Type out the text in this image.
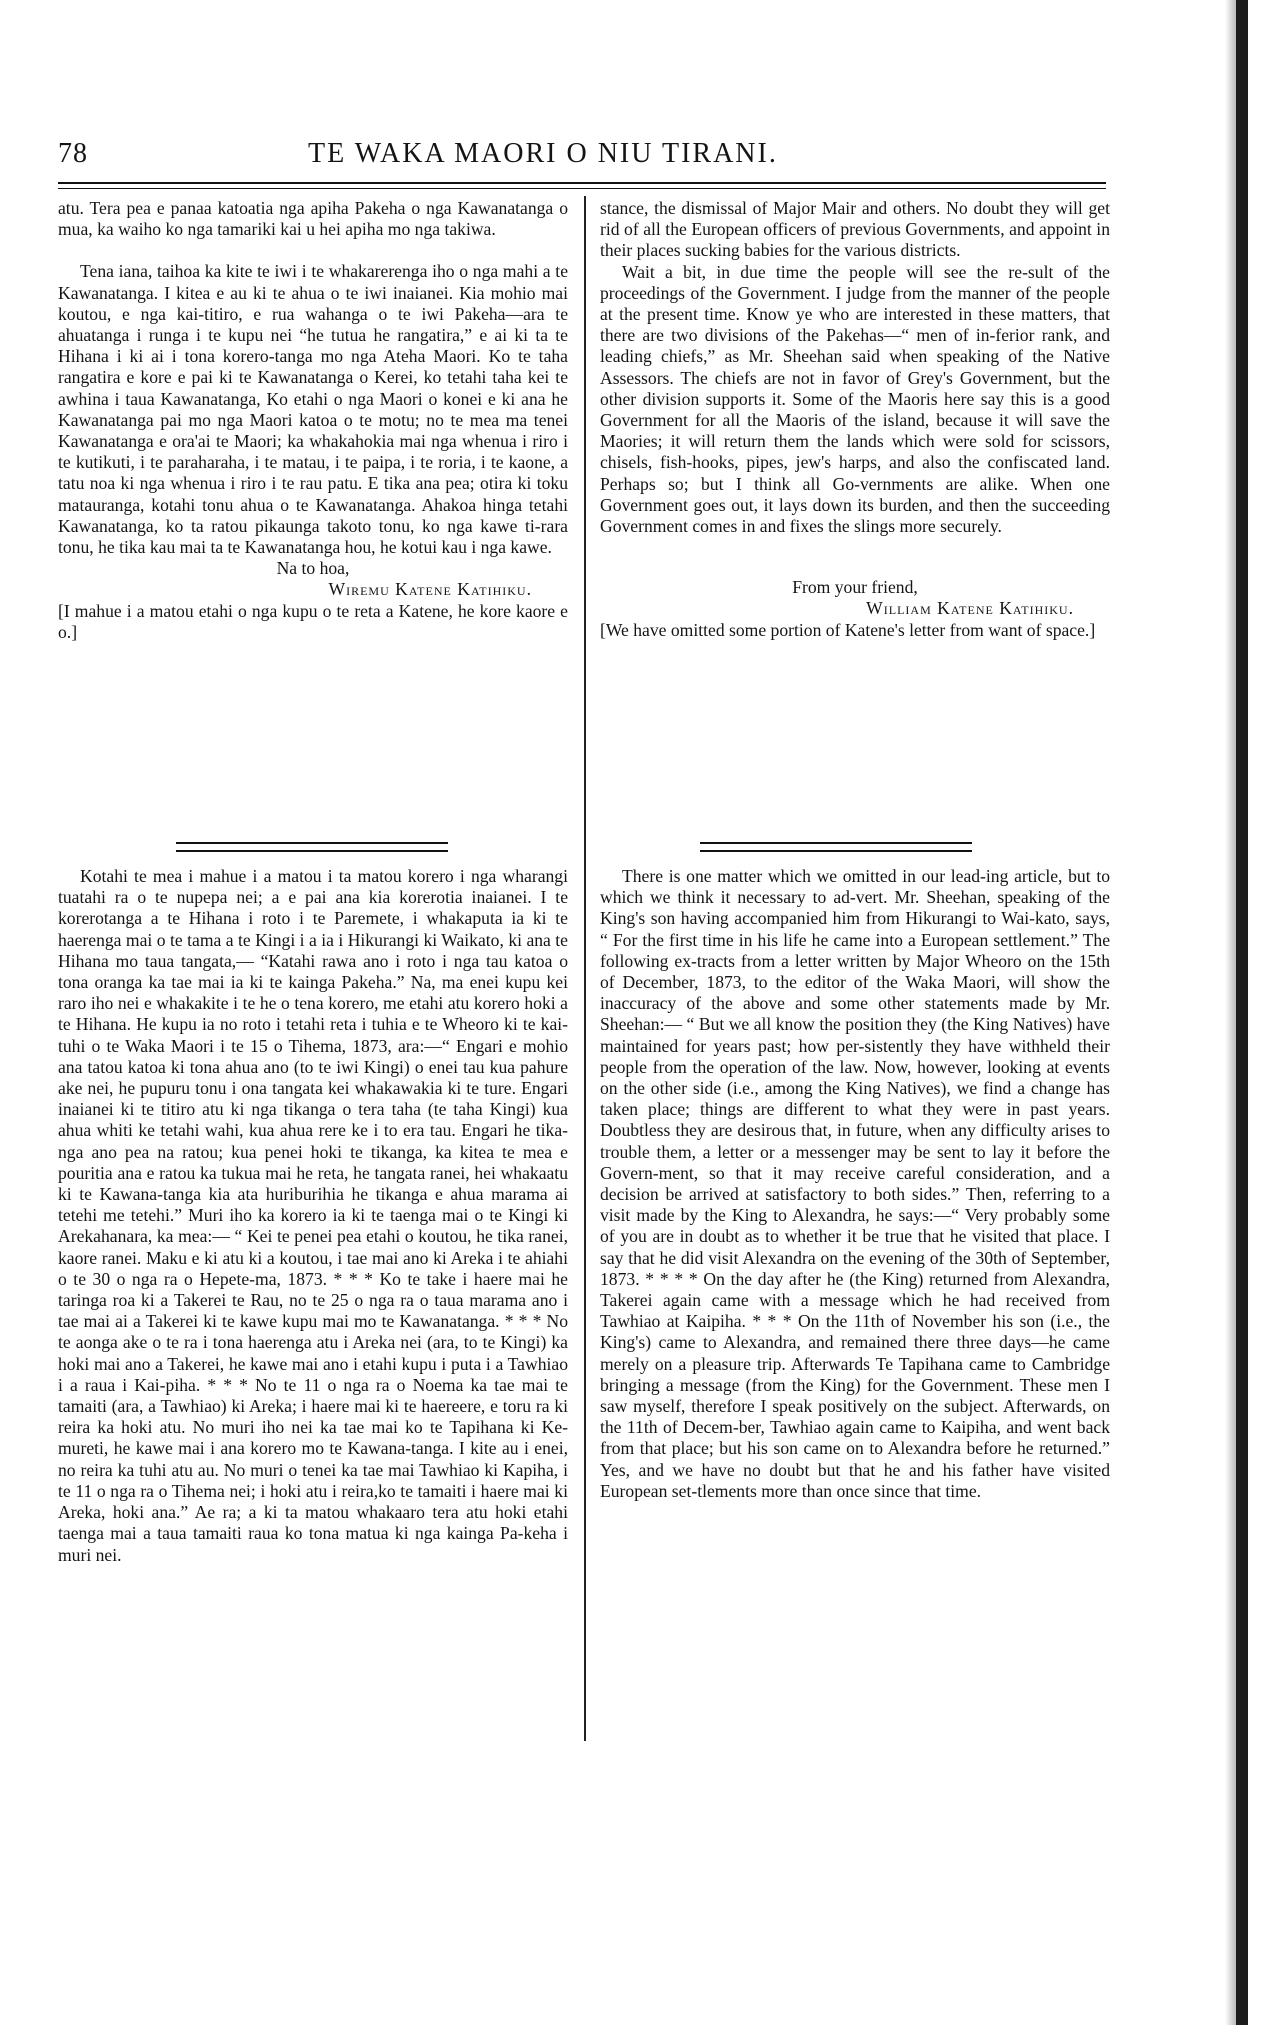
78	TE WAKA MAORI O NIU TIRANI.

atu. Tera pea e panaa katoatia nga apiha Pakeha o nga Kawanatanga o mua, ka waiho ko nga tamariki kai u hei apiha mo nga takiwa.

Tena iana, taihoa ka kite te iwi i te whakarerenga iho o nga mahi a te Kawanatanga. I kitea e au ki te ahua o te iwi inaianei. Kia mohio mai koutou, e nga kai-titiro, e rua wahanga o te iwi Pakeha—ara te ahuatanga i runga i te kupu nei “he tutua he rangatira,” e ai ki ta te Hihana i ki ai i tona korero-tanga mo nga Ateha Maori. Ko te taha rangatira e kore e pai ki te Kawanatanga o Kerei, ko tetahi taha kei te awhina i taua Kawanatanga, Ko etahi o nga Maori o konei e ki ana he Kawanatanga pai mo nga Maori katoa o te motu; no te mea ma tenei Kawanatanga e ora'ai te Maori; ka whakahokia mai nga whenua i riro i te kutikuti, i te paraharaha, i te matau, i te paipa, i te roria, i te kaone, a tatu noa ki nga whenua i riro i te rau patu. E tika ana pea; otira ki toku matauranga, kotahi tonu ahua o te Kawanatanga. Ahakoa hinga tetahi Kawanatanga, ko ta ratou pikaunga takoto tonu, ko nga kawe ti-rara tonu, he tika kau mai ta te Kawanatanga hou, he kotui kau i nga kawe.

Na to hoa,

Wiremu Katene Katihiku.

[I mahue i a matou etahi o nga kupu o te reta a Katene, he kore kaore e o.]

stance, the dismissal of Major Mair and others. No doubt they will get rid of all the European officers of previous Governments, and appoint in their places sucking babies for the various districts.

Wait a bit, in due time the people will see the re-sult of the proceedings of the Government. I judge from the manner of the people at the present time. Know ye who are interested in these matters, that there are two divisions of the Pakehas—“ men of in-ferior rank, and leading chiefs,” as Mr. Sheehan said when speaking of the Native Assessors. The chiefs are not in favor of Grey's Government, but the other division supports it. Some of the Maoris here say this is a good Government for all the Maoris of the island, because it will save the Maories; it will return them the lands which were sold for scissors, chisels, fish-hooks, pipes, jew's harps, and also the confiscated land. Perhaps so; but I think all Go-vernments are alike. When one Government goes out, it lays down its burden, and then the succeeding Government comes in and fixes the slings more securely.

From your friend,

William Katene Katihiku.

[We have omitted some portion of Katene's letter from want of space.]

Kotahi te mea i mahue i a matou i ta matou korero i nga wharangi tuatahi ra o te nupepa nei; a e pai ana kia korerotia inaianei. I te korerotanga a te Hihana i roto i te Paremete, i whakaputa ia ki te haerenga mai o te tama a te Kingi i a ia i Hikurangi ki Waikato, ki ana te Hihana mo taua tangata,— “Katahi rawa ano i roto i nga tau katoa o tona oranga ka tae mai ia ki te kainga Pakeha.” Na, ma enei kupu kei raro iho nei e whakakite i te he o tena korero, me etahi atu korero hoki a te Hihana. He kupu ia no roto i tetahi reta i tuhia e te Wheoro ki te kai-tuhi o te Waka Maori i te 15 o Tihema, 1873, ara:—“ Engari e mohio ana tatou katoa ki tona ahua ano (to te iwi Kingi) o enei tau kua pahure ake nei, he pupuru tonu i ona tangata kei whakawakia ki te ture. Engari inaianei ki te titiro atu ki nga tikanga o tera taha (te taha Kingi) kua ahua whiti ke tetahi wahi, kua ahua rere ke i to era tau. Engari he tika-nga ano pea na ratou; kua penei hoki te tikanga, ka kitea te mea e pouritia ana e ratou ka tukua mai he reta, he tangata ranei, hei whakaatu ki te Kawana-tanga kia ata huriburihia he tikanga e ahua marama ai tetehi me tetehi.” Muri iho ka korero ia ki te taenga mai o te Kingi ki Arekahanara, ka mea:— “ Kei te penei pea etahi o koutou, he tika ranei, kaore ranei. Maku e ki atu ki a koutou, i tae mai ano ki Areka i te ahiahi o te 30 o nga ra o Hepete-ma, 1873. * * * Ko te take i haere mai he taringa roa ki a Takerei te Rau, no te 25 o nga ra o taua marama ano i tae mai ai a Takerei ki te kawe kupu mai mo te Kawanatanga. * * * No te aonga ake o te ra i tona haerenga atu i Areka nei (ara, to te Kingi) ka hoki mai ano a Takerei, he kawe mai ano i etahi kupu i puta i a Tawhiao i a raua i Kai-piha. * * * No te 11 o nga ra o Noema ka tae mai te tamaiti (ara, a Tawhiao) ki Areka; i haere mai ki te haereere, e toru ra ki reira ka hoki atu. No muri iho nei ka tae mai ko te Tapihana ki Ke-mureti, he kawe mai i ana korero mo te Kawana-tanga. I kite au i enei, no reira ka tuhi atu au. No muri o tenei ka tae mai Tawhiao ki Kapiha, i te 11 o nga ra o Tihema nei; i hoki atu i reira,ko te tamaiti i haere mai ki Areka, hoki ana.” Ae ra; a ki ta matou whakaaro tera atu hoki etahi taenga mai a taua tamaiti raua ko tona matua ki nga kainga Pa-keha i muri nei.

There is one matter which we omitted in our lead-ing article, but to which we think it necessary to ad-vert. Mr. Sheehan, speaking of the King's son having accompanied him from Hikurangi to Wai-kato, says, “ For the first time in his life he came into a European settlement.” The following ex-tracts from a letter written by Major Wheoro on the 15th of December, 1873, to the editor of the Waka Maori, will show the inaccuracy of the above and some other statements made by Mr. Sheehan:— “ But we all know the position they (the King Natives) have maintained for years past; how per-sistently they have withheld their people from the operation of the law. Now, however, looking at events on the other side (i.e., among the King Natives), we find a change has taken place; things are different to what they were in past years. Doubtless they are desirous that, in future, when any difficulty arises to trouble them, a letter or a messenger may be sent to lay it before the Govern-ment, so that it may receive careful consideration, and a decision be arrived at satisfactory to both sides.” Then, referring to a visit made by the King to Alexandra, he says:—“ Very probably some of you are in doubt as to whether it be true that he visited that place. I say that he did visit Alexandra on the evening of the 30th of September, 1873. * * * * On the day after he (the King) returned from Alexandra, Takerei again came with a message which he had received from Tawhiao at Kaipiha. * * * On the 11th of November his son (i.e., the King's) came to Alexandra, and remained there three days—he came merely on a pleasure trip. Afterwards Te Tapihana came to Cambridge bringing a message (from the King) for the Government. These men I saw myself, therefore I speak positively on the subject. Afterwards, on the 11th of Decem-ber, Tawhiao again came to Kaipiha, and went back from that place; but his son came on to Alexandra before he returned.” Yes, and we have no doubt but that he and his father have visited European set-tlements more than once since that time.
